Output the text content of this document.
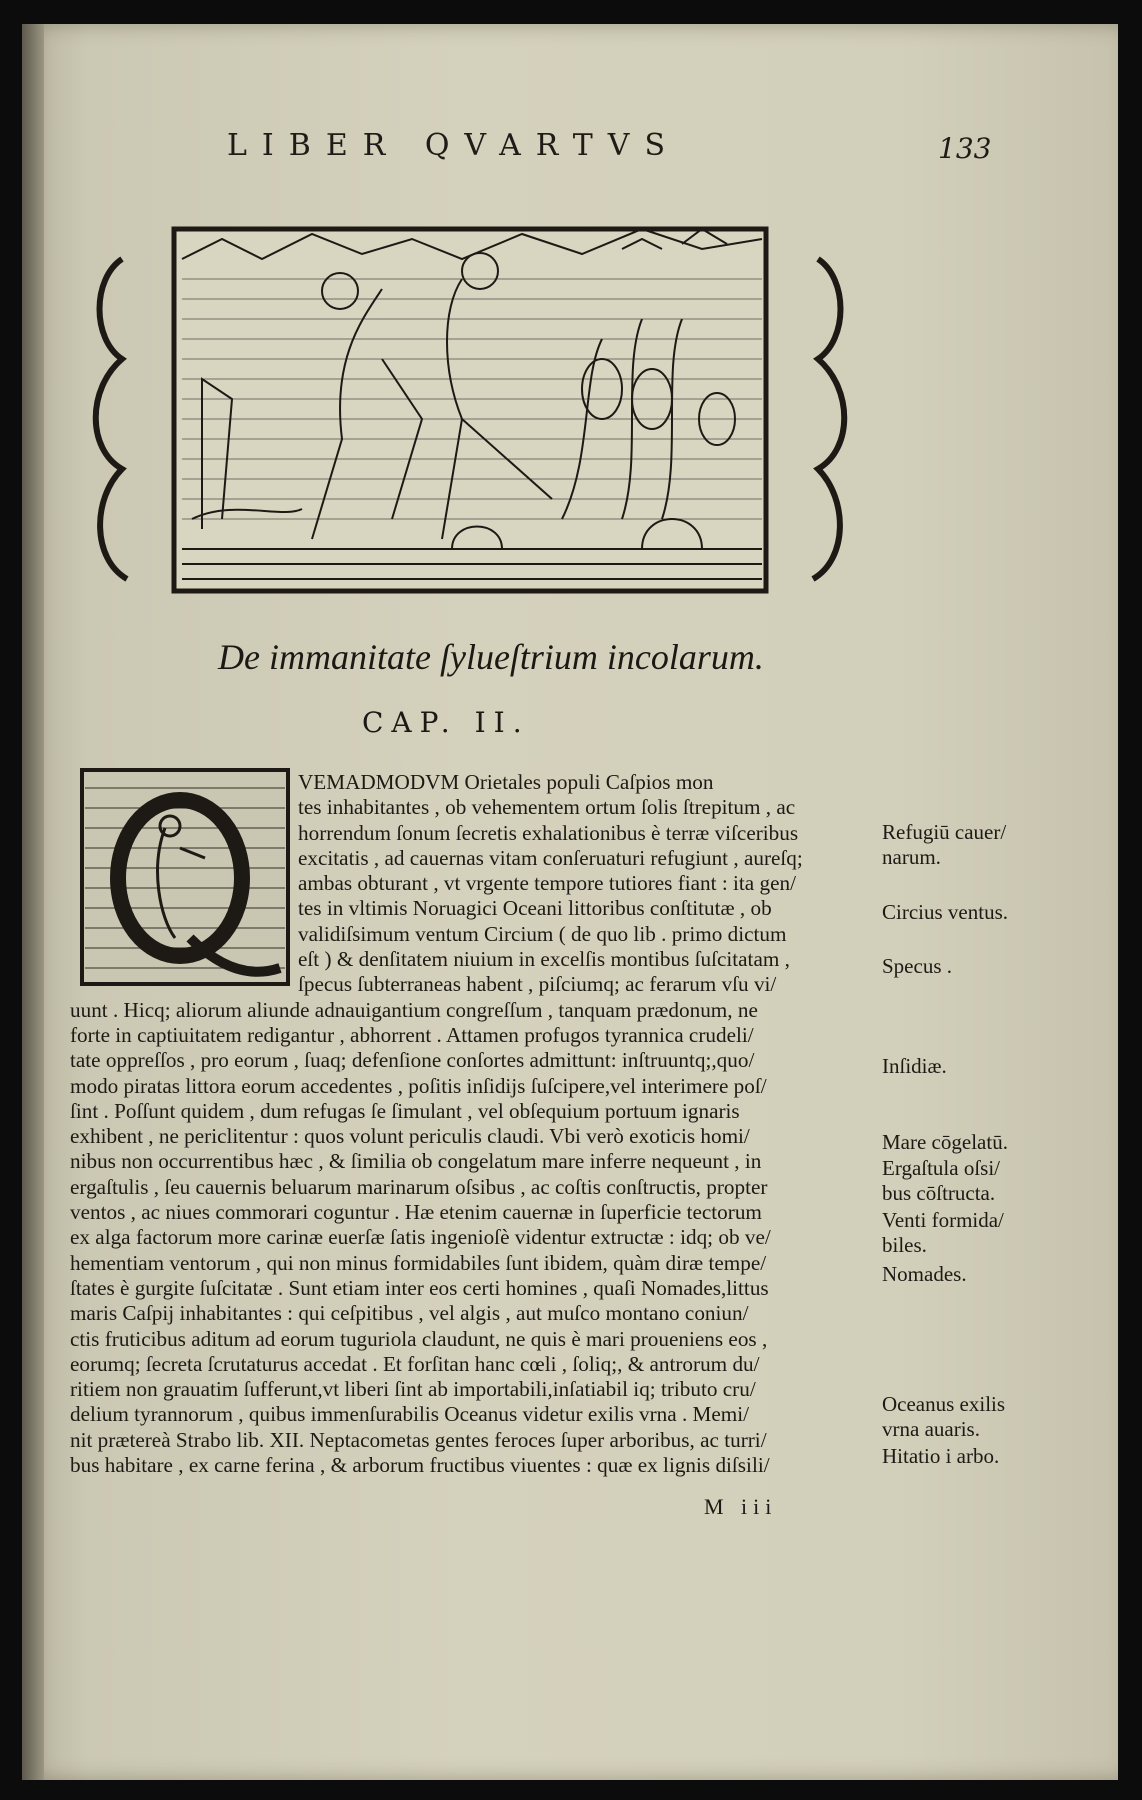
LIBER QVARTVS	133
De immanitate ſylueſtrium incolarum.
CAP. II.
VEMADMODVM Orietales populi Caſpios mon
tes inhabitantes , ob vehementem ortum ſolis ſtrepitum , ac
horrendum ſonum ſecretis exhalationibus è terræ viſceribus
excitatis , ad cauernas vitam conſeruaturi refugiunt , aureſq;
ambas obturant , vt vrgente tempore tutiores fiant : ita gen/
tes in vltimis Noruagici Oceani littoribus conſtitutæ , ob
validiſsimum ventum Circium ( de quo lib . primo dictum
eſt ) & denſitatem niuium in excelſis montibus ſuſcitatam ,
ſpecus ſubterraneas habent , piſciumq; ac ferarum vſu vi/
uunt . Hicq; aliorum aliunde adnauigantium congreſſum , tanquam prædonum, ne
forte in captiuitatem redigantur , abhorrent . Attamen profugos tyrannica crudeli/
tate oppreſſos , pro eorum , ſuaq; defenſione conſortes admittunt: inſtruuntq;,quo/
modo piratas littora eorum accedentes , poſitis inſidijs ſuſcipere,vel interimere poſ/
ſint . Poſſunt quidem , dum refugas ſe ſimulant , vel obſequium portuum ignaris
exhibent , ne periclitentur : quos volunt periculis claudi. Vbi verò exoticis homi/
nibus non occurrentibus hæc , & ſimilia ob congelatum mare inferre nequeunt , in
ergaſtulis , ſeu cauernis beluarum marinarum oſsibus , ac coſtis conſtructis, propter
ventos , ac niues commorari coguntur . Hæ etenim cauernæ in ſuperficie tectorum
ex alga factorum more carinæ euerſæ ſatis ingenioſè videntur extructæ : idq; ob ve/
hementiam ventorum , qui non minus formidabiles ſunt ibidem, quàm diræ tempe/
ſtates è gurgite ſuſcitatæ . Sunt etiam inter eos certi homines , quaſi Nomades,littus
maris Caſpij inhabitantes : qui ceſpitibus , vel algis , aut muſco montano coniun/
ctis fruticibus aditum ad eorum tuguriola claudunt, ne quis è mari proueniens eos ,
eorumq; ſecreta ſcrutaturus accedat . Et forſitan hanc cœli , ſoliq;, & antrorum du/
ritiem non grauatim ſufferunt,vt liberi ſint ab importabili,inſatiabil iq; tributo cru/
delium tyrannorum , quibus immenſurabilis Oceanus videtur exilis vrna . Memi/
nit prætereà Strabo lib. XII. Neptacometas gentes feroces ſuper arboribus, ac turri/
bus habitare , ex carne ferina , & arborum fructibus viuentes : quæ ex lignis diſsili/
M iii
Refugiū cauer/
narum.
Circius ventus.
Specus .
Inſidiæ.
Mare cōgelatū.
Ergaſtula oſsi/
bus cōſtructa.
Venti formida/
biles.
Nomades.
Oceanus exilis
vrna auaris.
Hitatio i arbo.
